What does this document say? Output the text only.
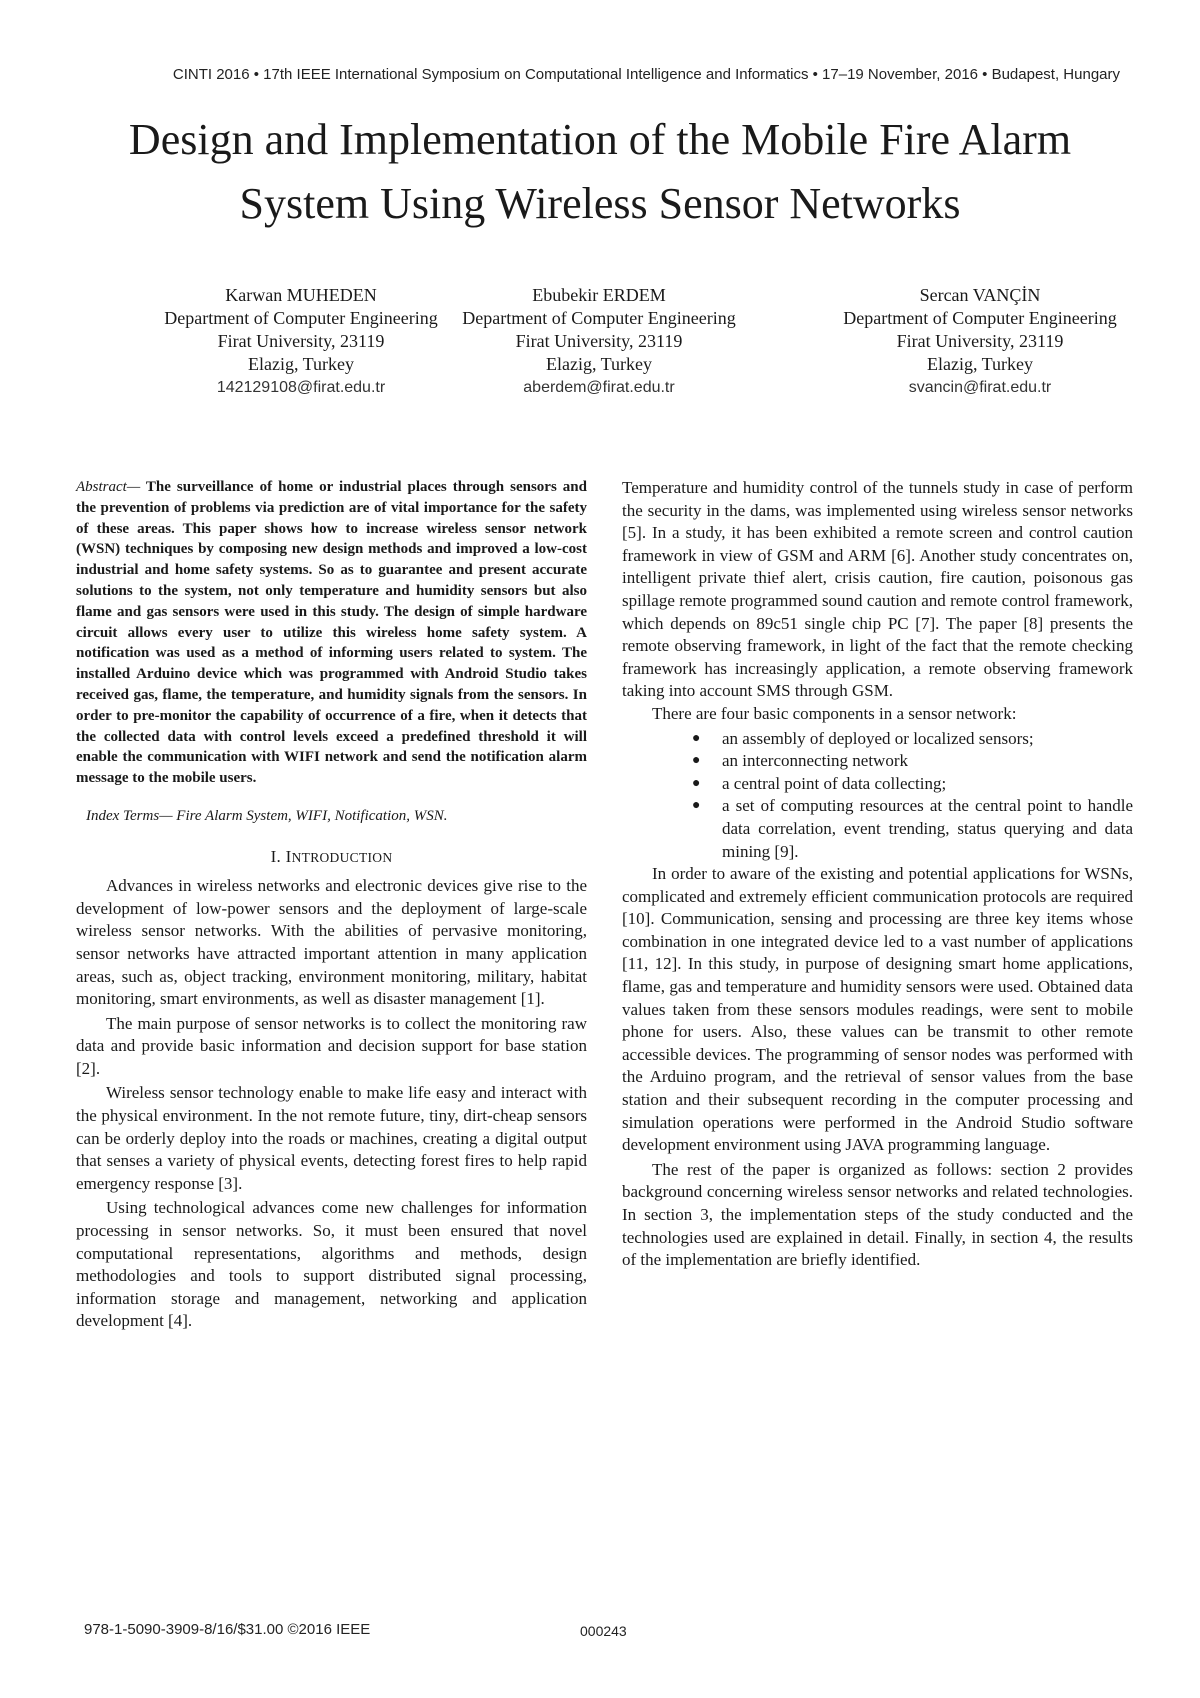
CINTI 2016 • 17th IEEE International Symposium on Computational Intelligence and Informatics • 17–19 November, 2016 • Budapest, Hungary
Design and Implementation of the Mobile Fire Alarm
System Using Wireless Sensor Networks
Karwan MUHEDEN
Department of Computer Engineering
Firat University, 23119
Elazig, Turkey
142129108@firat.edu.tr
Ebubekir ERDEM
Department of Computer Engineering
Firat University, 23119
Elazig, Turkey
aberdem@firat.edu.tr
Sercan VANÇİN
Department of Computer Engineering
Firat University, 23119
Elazig, Turkey
svancin@firat.edu.tr

Abstract— The surveillance of home or industrial places through sensors and the prevention of problems via prediction are of vital importance for the safety of these areas. This paper shows how to increase wireless sensor network (WSN) techniques by composing new design methods and improved a low-cost industrial and home safety systems. So as to guarantee and present accurate solutions to the system, not only temperature and humidity sensors but also flame and gas sensors were used in this study. The design of simple hardware circuit allows every user to utilize this wireless home safety system. A notification was used as a method of informing users related to system. The installed Arduino device which was programmed with Android Studio takes received gas, flame, the temperature, and humidity signals from the sensors. In order to pre-monitor the capability of occurrence of a fire, when it detects that the collected data with control levels exceed a predefined threshold it will enable the communication with WIFI network and send the notification alarm message to the mobile users.

Index Terms— Fire Alarm System, WIFI, Notification, WSN.

I. INTRODUCTION

Advances in wireless networks and electronic devices give rise to the development of low-power sensors and the deployment of large-scale wireless sensor networks. With the abilities of pervasive monitoring, sensor networks have attracted important attention in many application areas, such as, object tracking, environment monitoring, military, habitat monitoring, smart environments, as well as disaster management [1].

The main purpose of sensor networks is to collect the monitoring raw data and provide basic information and decision support for base station [2].

Wireless sensor technology enable to make life easy and interact with the physical environment. In the not remote future, tiny, dirt-cheap sensors can be orderly deploy into the roads or machines, creating a digital output that senses a variety of physical events, detecting forest fires to help rapid emergency response [3].

Using technological advances come new challenges for information processing in sensor networks. So, it must been ensured that novel computational representations, algorithms and methods, design methodologies and tools to support distributed signal processing, information storage and management, networking and application development [4].

Temperature and humidity control of the tunnels study in case of perform the security in the dams, was implemented using wireless sensor networks [5]. In a study, it has been exhibited a remote screen and control caution framework in view of GSM and ARM [6]. Another study concentrates on, intelligent private thief alert, crisis caution, fire caution, poisonous gas spillage remote programmed sound caution and remote control framework, which depends on 89c51 single chip PC [7]. The paper [8] presents the remote observing framework, in light of the fact that the remote checking framework has increasingly application, a remote observing framework taking into account SMS through GSM.

There are four basic components in a sensor network:

● an assembly of deployed or localized sensors;
● an interconnecting network
● a central point of data collecting;
● a set of computing resources at the central point to handle data correlation, event trending, status querying and data mining [9].

In order to aware of the existing and potential applications for WSNs, complicated and extremely efficient communication protocols are required [10]. Communication, sensing and processing are three key items whose combination in one integrated device led to a vast number of applications [11, 12]. In this study, in purpose of designing smart home applications, flame, gas and temperature and humidity sensors were used. Obtained data values taken from these sensors modules readings, were sent to mobile phone for users. Also, these values can be transmit to other remote accessible devices. The programming of sensor nodes was performed with the Arduino program, and the retrieval of sensor values from the base station and their subsequent recording in the computer processing and simulation operations were performed in the Android Studio software development environment using JAVA programming language.

The rest of the paper is organized as follows: section 2 provides background concerning wireless sensor networks and related technologies. In section 3, the implementation steps of the study conducted and the technologies used are explained in detail. Finally, in section 4, the results of the implementation are briefly identified.

978-1-5090-3909-8/16/$31.00 ©2016 IEEE	000243
